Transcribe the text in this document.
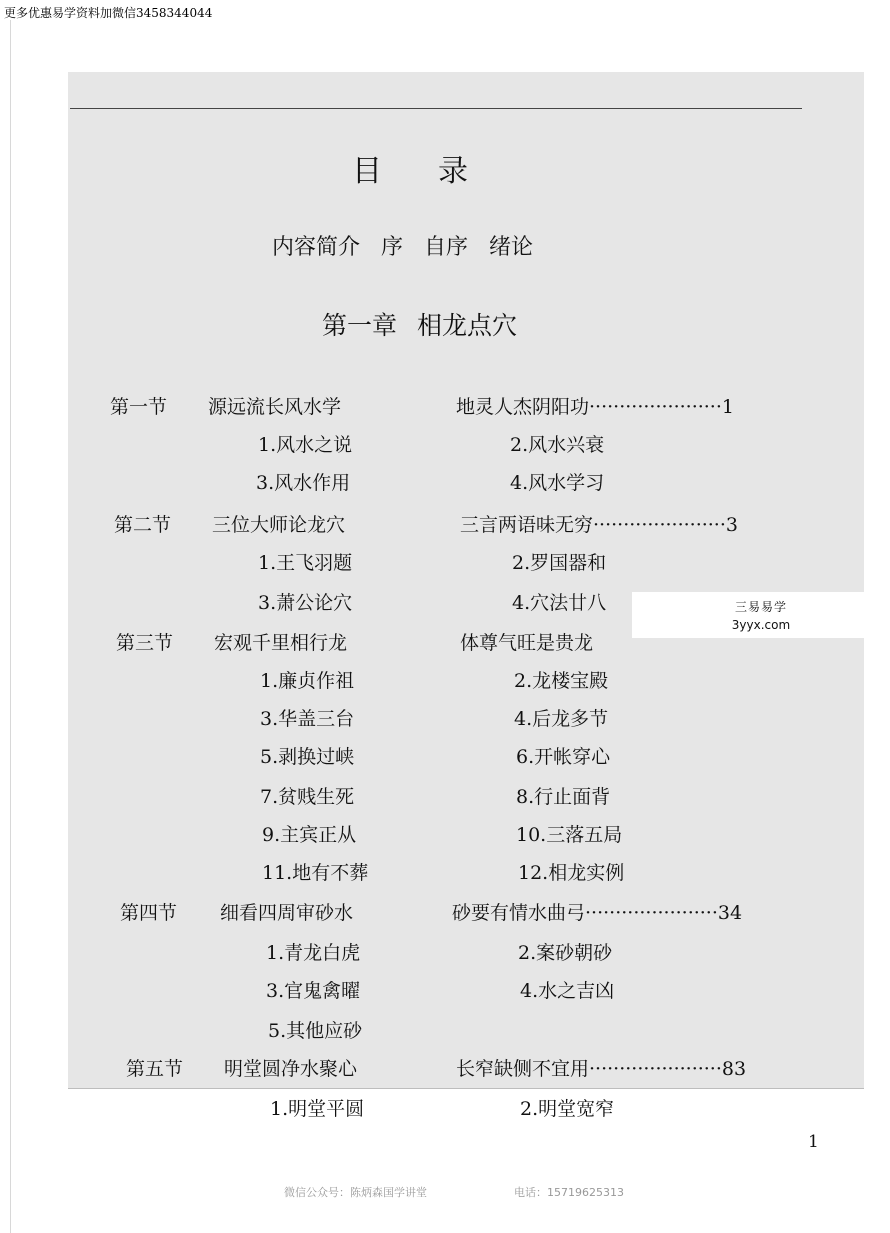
更多优惠易学资料加微信3458344044
目录
内容简介 序 自序 绪论
第一章 相龙点穴
第一节 源远流长风水学	地灵人杰阴阳功······················1
1.风水之说	2.风水兴衰
3.风水作用	4.风水学习
第二节 三位大师论龙穴	三言两语味无穷······················3
1.王飞羽题	2.罗国器和
3.萧公论穴	4.穴法廿八
第三节 宏观千里相行龙	体尊气旺是贵龙
1.廉贞作祖	2.龙楼宝殿
3.华盖三台	4.后龙多节
5.剥换过峡	6.开帐穿心
7.贫贱生死	8.行止面背
9.主宾正从	10.三落五局
11.地有不葬	12.相龙实例
第四节 细看四周审砂水	砂要有情水曲弓······················34
1.青龙白虎	2.案砂朝砂
3.官鬼禽曜	4.水之吉凶
5.其他应砂
第五节 明堂圆净水聚心	长窄缺侧不宜用······················83
1.明堂平圆	2.明堂宽窄
三易易学
3yyx.com
1
微信公众号：陈炳森国学讲堂	电话：15719625313
